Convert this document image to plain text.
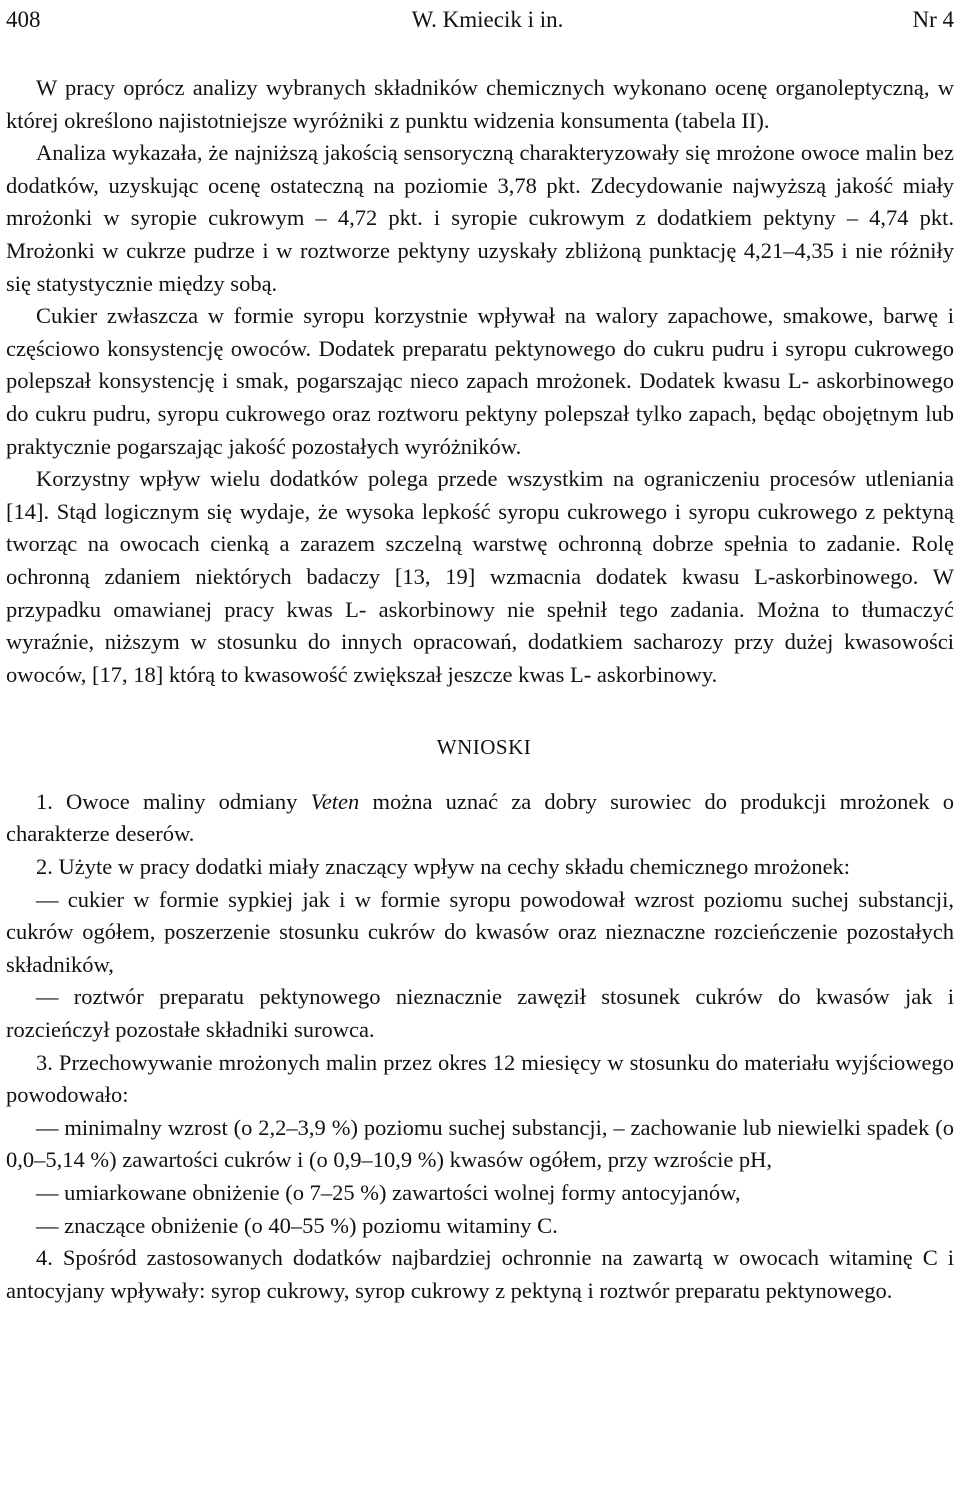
408	W. Kmiecik i in.	Nr 4

W pracy oprócz analizy wybranych składników chemicznych wykonano ocenę organoleptyczną, w której określono najistotniejsze wyróżniki z punktu widzenia konsumenta (tabela II).

Analiza wykazała, że najniższą jakością sensoryczną charakteryzowały się mrożone owoce malin bez dodatków, uzyskując ocenę ostateczną na poziomie 3,78 pkt. Zdecydowanie najwyższą jakość miały mrożonki w syropie cukrowym – 4,72 pkt. i syropie cukrowym z dodatkiem pektyny – 4,74 pkt. Mrożonki w cukrze pudrze i w roztworze pektyny uzyskały zbliżoną punktację 4,21–4,35 i nie różniły się statystycznie między sobą.

Cukier zwłaszcza w formie syropu korzystnie wpływał na walory zapachowe, smakowe, barwę i częściowo konsystencję owoców. Dodatek preparatu pektynowego do cukru pudru i syropu cukrowego polepszał konsystencję i smak, pogarszając nieco zapach mrożonek. Dodatek kwasu L- askorbinowego do cukru pudru, syropu cukrowego oraz roztworu pektyny polepszał tylko zapach, będąc obojętnym lub praktycznie pogarszając jakość pozostałych wyróżników.

Korzystny wpływ wielu dodatków polega przede wszystkim na ograniczeniu procesów utleniania [14]. Stąd logicznym się wydaje, że wysoka lepkość syropu cukrowego i syropu cukrowego z pektyną tworząc na owocach cienką a zarazem szczelną warstwę ochronną dobrze spełnia to zadanie. Rolę ochronną zdaniem niektórych badaczy [13, 19] wzmacnia dodatek kwasu L-askorbinowego. W przypadku omawianej pracy kwas L- askorbinowy nie spełnił tego zadania. Można to tłumaczyć wyraźnie, niższym w stosunku do innych opracowań, dodatkiem sacharozy przy dużej kwasowości owoców, [17, 18] którą to kwasowość zwiększał jeszcze kwas L- askorbinowy.

WNIOSKI

1. Owoce maliny odmiany Veten można uznać za dobry surowiec do produkcji mrożonek o charakterze deserów.

2. Użyte w pracy dodatki miały znaczący wpływ na cechy składu chemicznego mrożonek:

— cukier w formie sypkiej jak i w formie syropu powodował wzrost poziomu suchej substancji, cukrów ogółem, poszerzenie stosunku cukrów do kwasów oraz nieznaczne rozcieńczenie pozostałych składników,

— roztwór preparatu pektynowego nieznacznie zawęził stosunek cukrów do kwasów jak i rozcieńczył pozostałe składniki surowca.

3. Przechowywanie mrożonych malin przez okres 12 miesięcy w stosunku do materiału wyjściowego powodowało:

— minimalny wzrost (o 2,2–3,9 %) poziomu suchej substancji, – zachowanie lub niewielki spadek (o 0,0–5,14 %) zawartości cukrów i (o 0,9–10,9 %) kwasów ogółem, przy wzroście pH,

— umiarkowane obniżenie (o 7–25 %) zawartości wolnej formy antocyjanów,

— znaczące obniżenie (o 40–55 %) poziomu witaminy C.

4. Spośród zastosowanych dodatków najbardziej ochronnie na zawartą w owocach witaminę C i antocyjany wpływały: syrop cukrowy, syrop cukrowy z pektyną i roztwór preparatu pektynowego.
